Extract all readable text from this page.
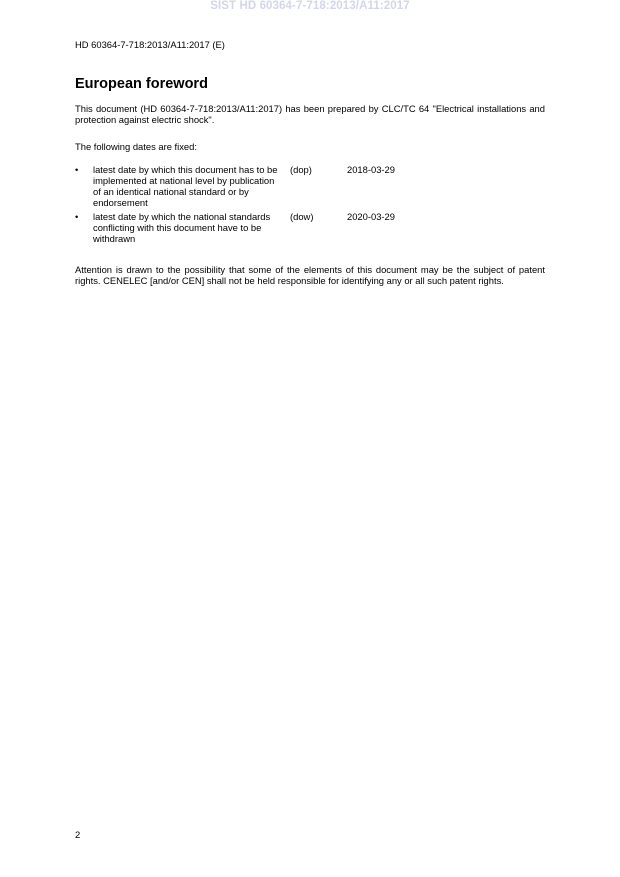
SIST HD 60364-7-718:2013/A11:2017
HD 60364-7-718:2013/A11:2017 (E)
European foreword

This document (HD 60364-7-718:2013/A11:2017) has been prepared by CLC/TC 64 "Electrical installations and protection against electric shock".

The following dates are fixed:

• latest date by which this document has to be implemented at national level by publication of an identical national standard or by endorsement
(dop)	2018-03-29
• latest date by which the national standards conflicting with this document have to be withdrawn
(dow)	2020-03-29

Attention is drawn to the possibility that some of the elements of this document may be the subject of patent rights. CENELEC [and/or CEN] shall not be held responsible for identifying any or all such patent rights.

2
